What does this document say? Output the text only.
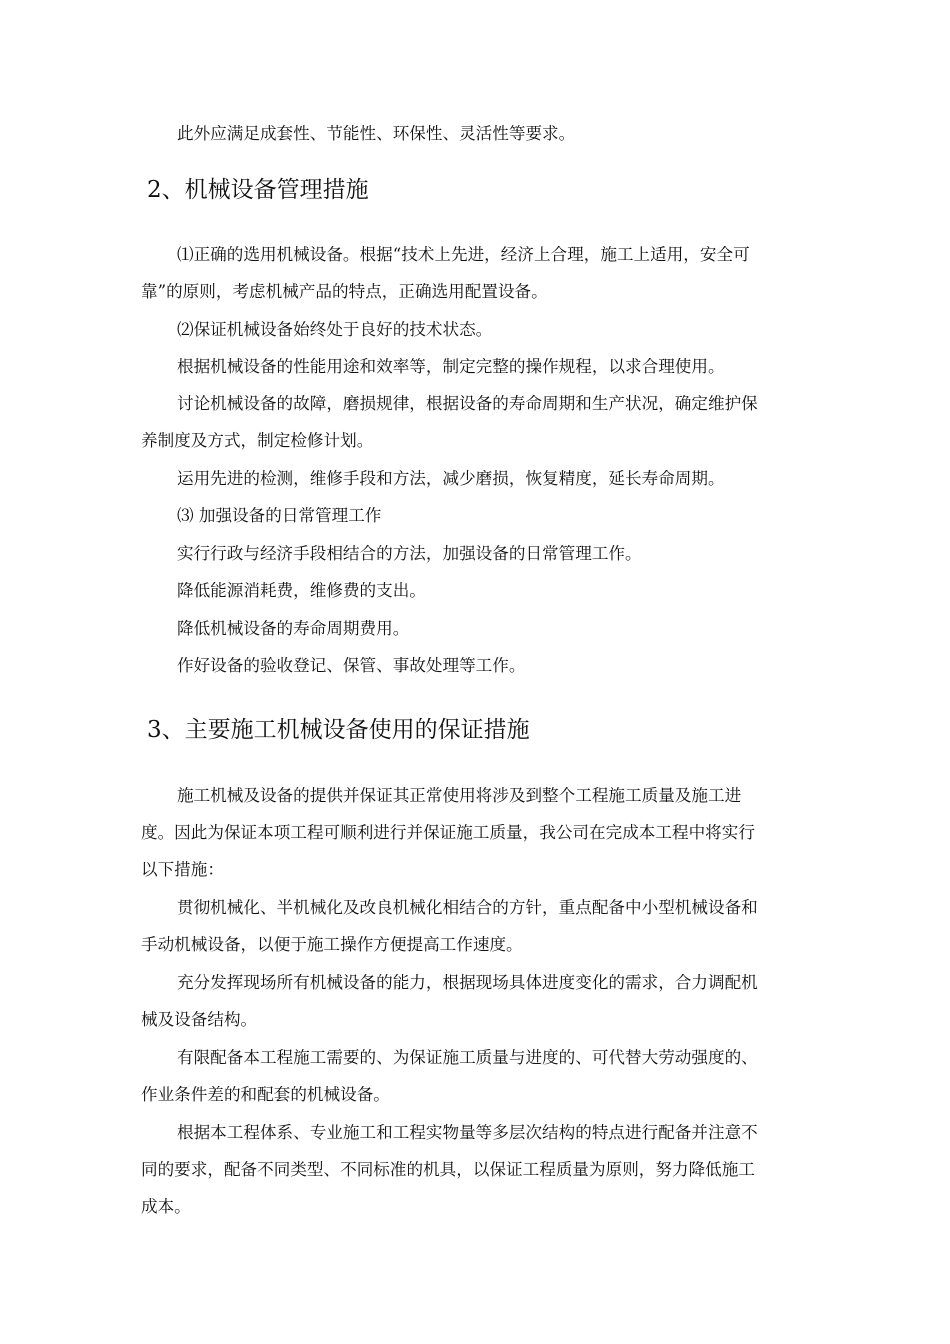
此外应满足成套性、节能性、环保性、灵活性等要求。
2、机械设备管理措施
⑴正确的选用机械设备。根据“技术上先进，经济上合理，施工上适用，安全可
靠”的原则，考虑机械产品的特点，正确选用配置设备。
⑵保证机械设备始终处于良好的技术状态。
根据机械设备的性能用途和效率等，制定完整的操作规程，以求合理使用。
讨论机械设备的故障，磨损规律，根据设备的寿命周期和生产状况，确定维护保
养制度及方式，制定检修计划。
运用先进的检测，维修手段和方法，减少磨损，恢复精度，延长寿命周期。
⑶ 加强设备的日常管理工作
实行行政与经济手段相结合的方法，加强设备的日常管理工作。
降低能源消耗费，维修费的支出。
降低机械设备的寿命周期费用。
作好设备的验收登记、保管、事故处理等工作。
3、主要施工机械设备使用的保证措施
施工机械及设备的提供并保证其正常使用将涉及到整个工程施工质量及施工进
度。因此为保证本项工程可顺利进行并保证施工质量，我公司在完成本工程中将实行
以下措施：
贯彻机械化、半机械化及改良机械化相结合的方针，重点配备中小型机械设备和
手动机械设备，以便于施工操作方便提高工作速度。
充分发挥现场所有机械设备的能力，根据现场具体进度变化的需求，合力调配机
械及设备结构。
有限配备本工程施工需要的、为保证施工质量与进度的、可代替大劳动强度的、
作业条件差的和配套的机械设备。
根据本工程体系、专业施工和工程实物量等多层次结构的特点进行配备并注意不
同的要求，配备不同类型、不同标准的机具，以保证工程质量为原则，努力降低施工
成本。
